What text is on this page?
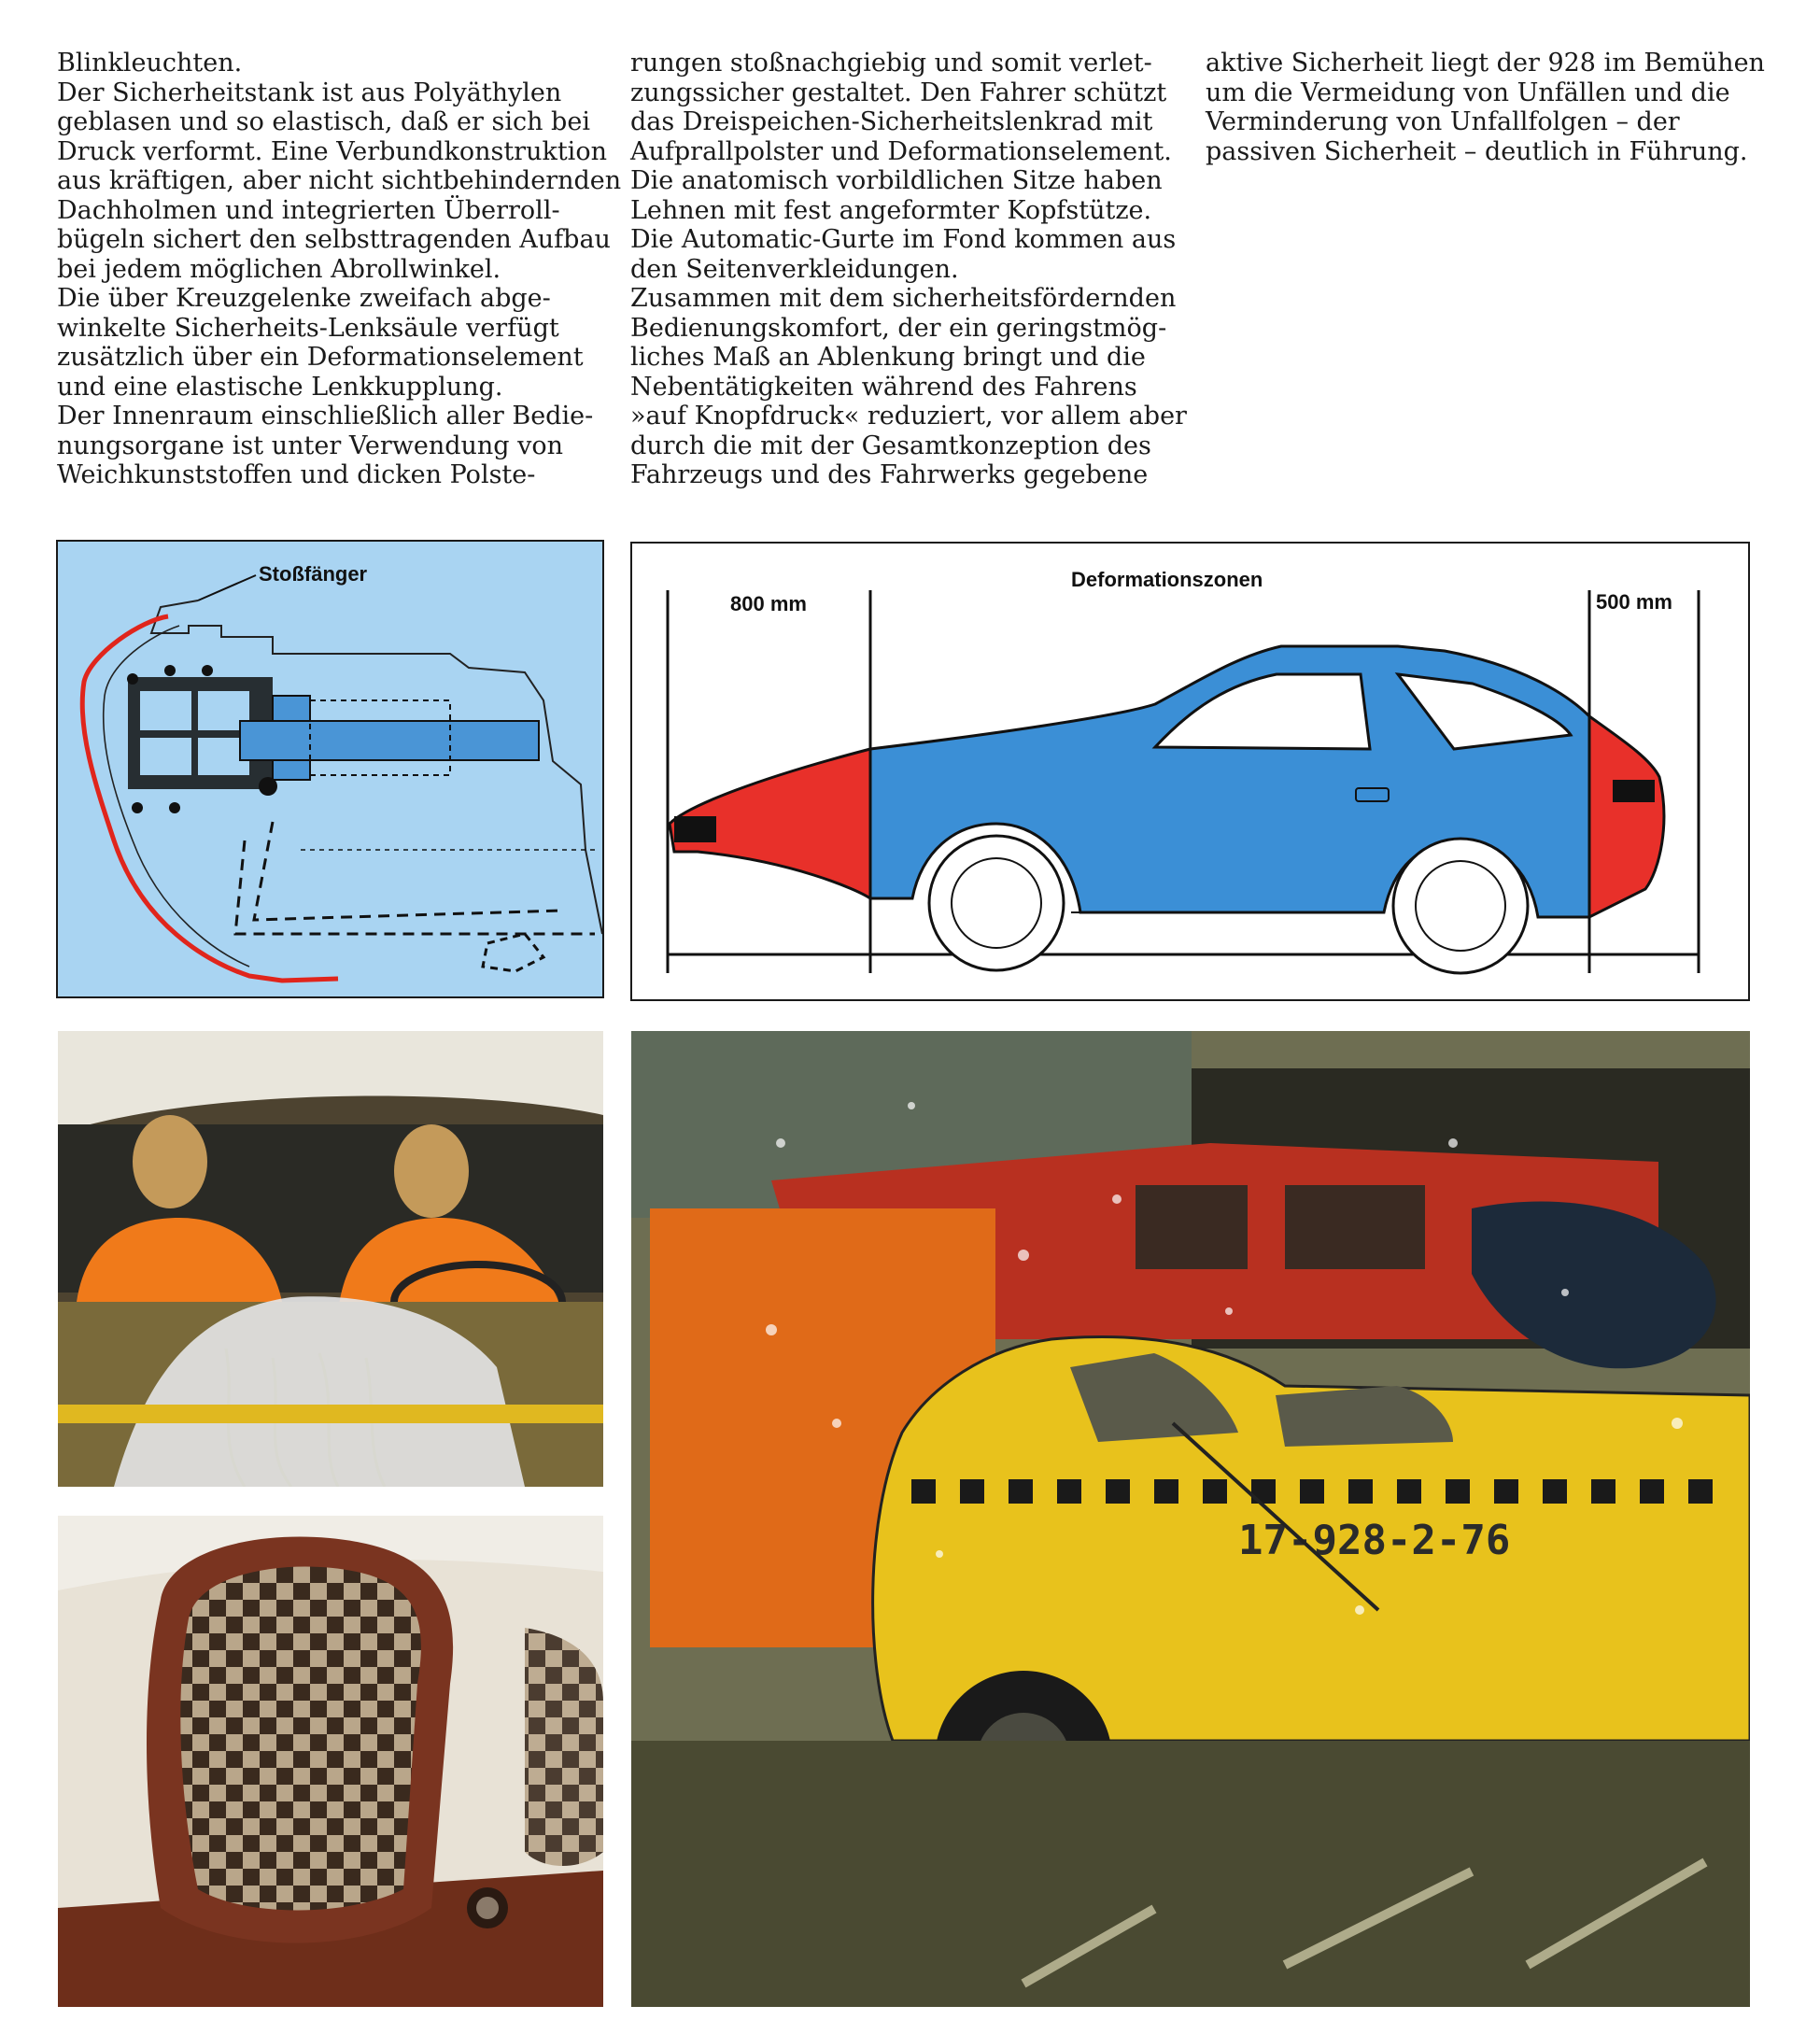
Blinkleuchten.
Der Sicherheitstank ist aus Polyäthylen
geblasen und so elastisch, daß er sich bei
Druck verformt. Eine Verbundkonstruktion
aus kräftigen, aber nicht sichtbehindernden
Dachholmen und integrierten Überroll-
bügeln sichert den selbsttragenden Aufbau
bei jedem möglichen Abrollwinkel.
Die über Kreuzgelenke zweifach abge-
winkelte Sicherheits-Lenksäule verfügt
zusätzlich über ein Deformationselement
und eine elastische Lenkkupplung.
Der Innenraum einschließlich aller Bedie-
nungsorgane ist unter Verwendung von
Weichkunststoffen und dicken Polste-
rungen stoßnachgiebig und somit verlet-
zungssicher gestaltet. Den Fahrer schützt
das Dreispeichen-Sicherheitslenkrad mit
Aufprallpolster und Deformationselement.
Die anatomisch vorbildlichen Sitze haben
Lehnen mit fest angeformter Kopfstütze.
Die Automatic-Gurte im Fond kommen aus
den Seitenverkleidungen.
Zusammen mit dem sicherheitsfördernden
Bedienungskomfort, der ein geringstmög-
liches Maß an Ablenkung bringt und die
Nebentätigkeiten während des Fahrens
»auf Knopfdruck« reduziert, vor allem aber
durch die mit der Gesamtkonzeption des
Fahrzeugs und des Fahrwerks gegebene
aktive Sicherheit liegt der 928 im Bemühen
um die Vermeidung von Unfällen und die
Verminderung von Unfallfolgen – der
passiven Sicherheit – deutlich in Führung.
Stoßfänger	Deformationszonen
800 mm	500 mm
17-928-2-76
